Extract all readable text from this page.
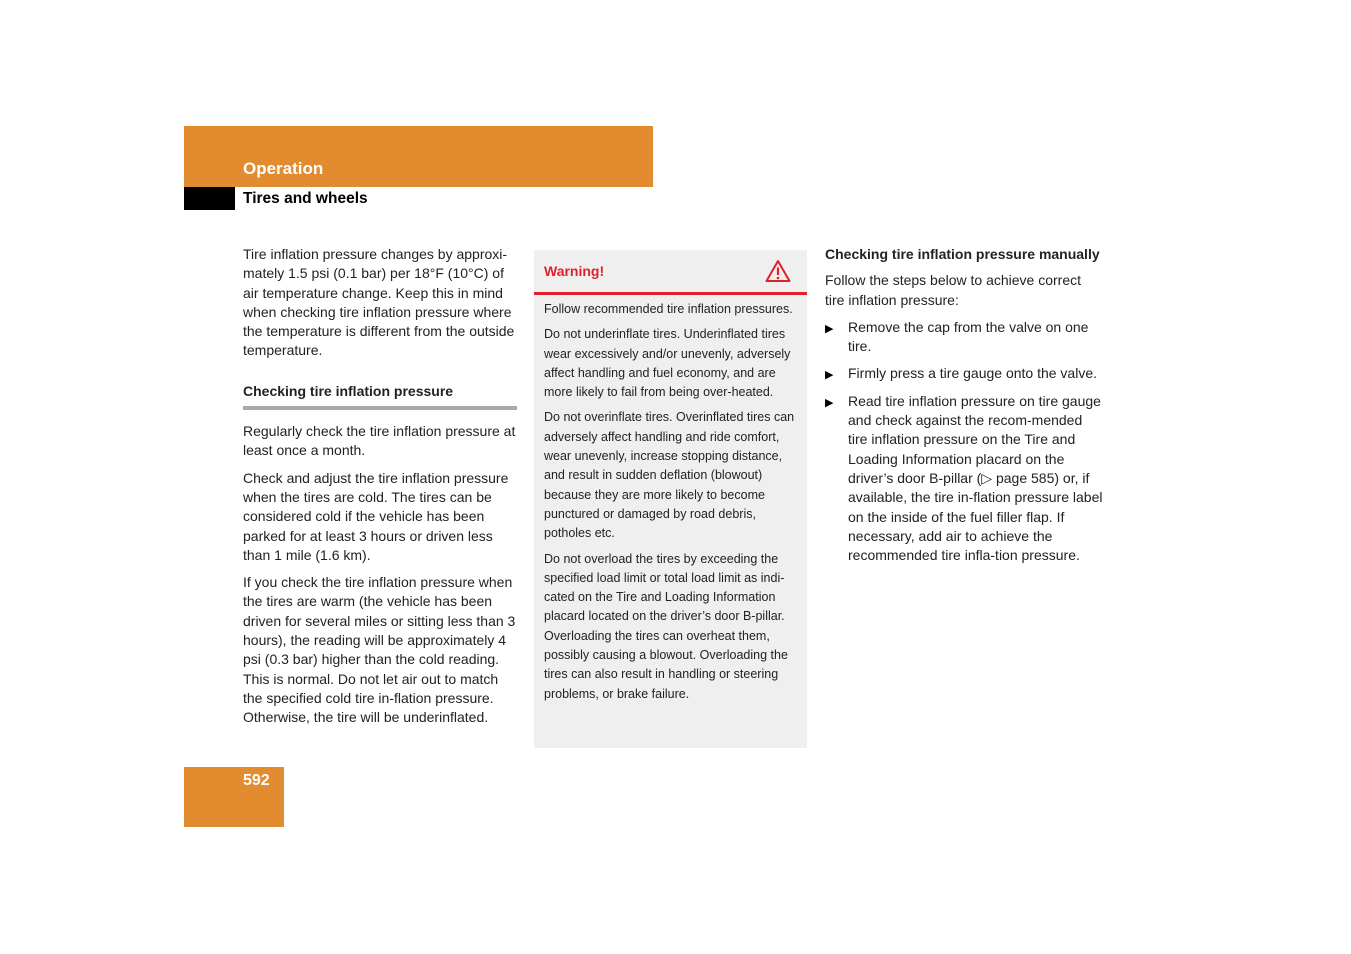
Operation
Tires and wheels

Tire inflation pressure changes by approxi-mately 1.5 psi (0.1 bar) per 18°F (10°C) of air temperature change. Keep this in mind when checking tire inflation pressure where the temperature is different from the outside temperature.

Checking tire inflation pressure

Regularly check the tire inflation pressure at least once a month.

Check and adjust the tire inflation pressure when the tires are cold. The tires can be considered cold if the vehicle has been parked for at least 3 hours or driven less than 1 mile (1.6 km).

If you check the tire inflation pressure when the tires are warm (the vehicle has been driven for several miles or sitting less than 3 hours), the reading will be approximately 4 psi (0.3 bar) higher than the cold reading. This is normal. Do not let air out to match the specified cold tire in-flation pressure. Otherwise, the tire will be underinflated.

Warning!

Follow recommended tire inflation pressures.

Do not underinflate tires. Underinflated tires wear excessively and/or unevenly, adversely affect handling and fuel economy, and are more likely to fail from being over-heated.

Do not overinflate tires. Overinflated tires can adversely affect handling and ride comfort, wear unevenly, increase stopping distance, and result in sudden deflation (blowout) because they are more likely to become punctured or damaged by road debris, potholes etc.

Do not overload the tires by exceeding the specified load limit or total load limit as indi-cated on the Tire and Loading Information placard located on the driver’s door B-pillar. Overloading the tires can overheat them, possibly causing a blowout. Overloading the tires can also result in handling or steering problems, or brake failure.

Checking tire inflation pressure manually

Follow the steps below to achieve correct tire inflation pressure:

▶ Remove the cap from the valve on one tire.
▶ Firmly press a tire gauge onto the valve.
▶ Read tire inflation pressure on tire gauge and check against the recom-mended tire inflation pressure on the Tire and Loading Information placard on the driver’s door B-pillar (▷ page 585) or, if available, the tire in-flation pressure label on the inside of the fuel filler flap. If necessary, add air to achieve the recommended tire infla-tion pressure.
592
